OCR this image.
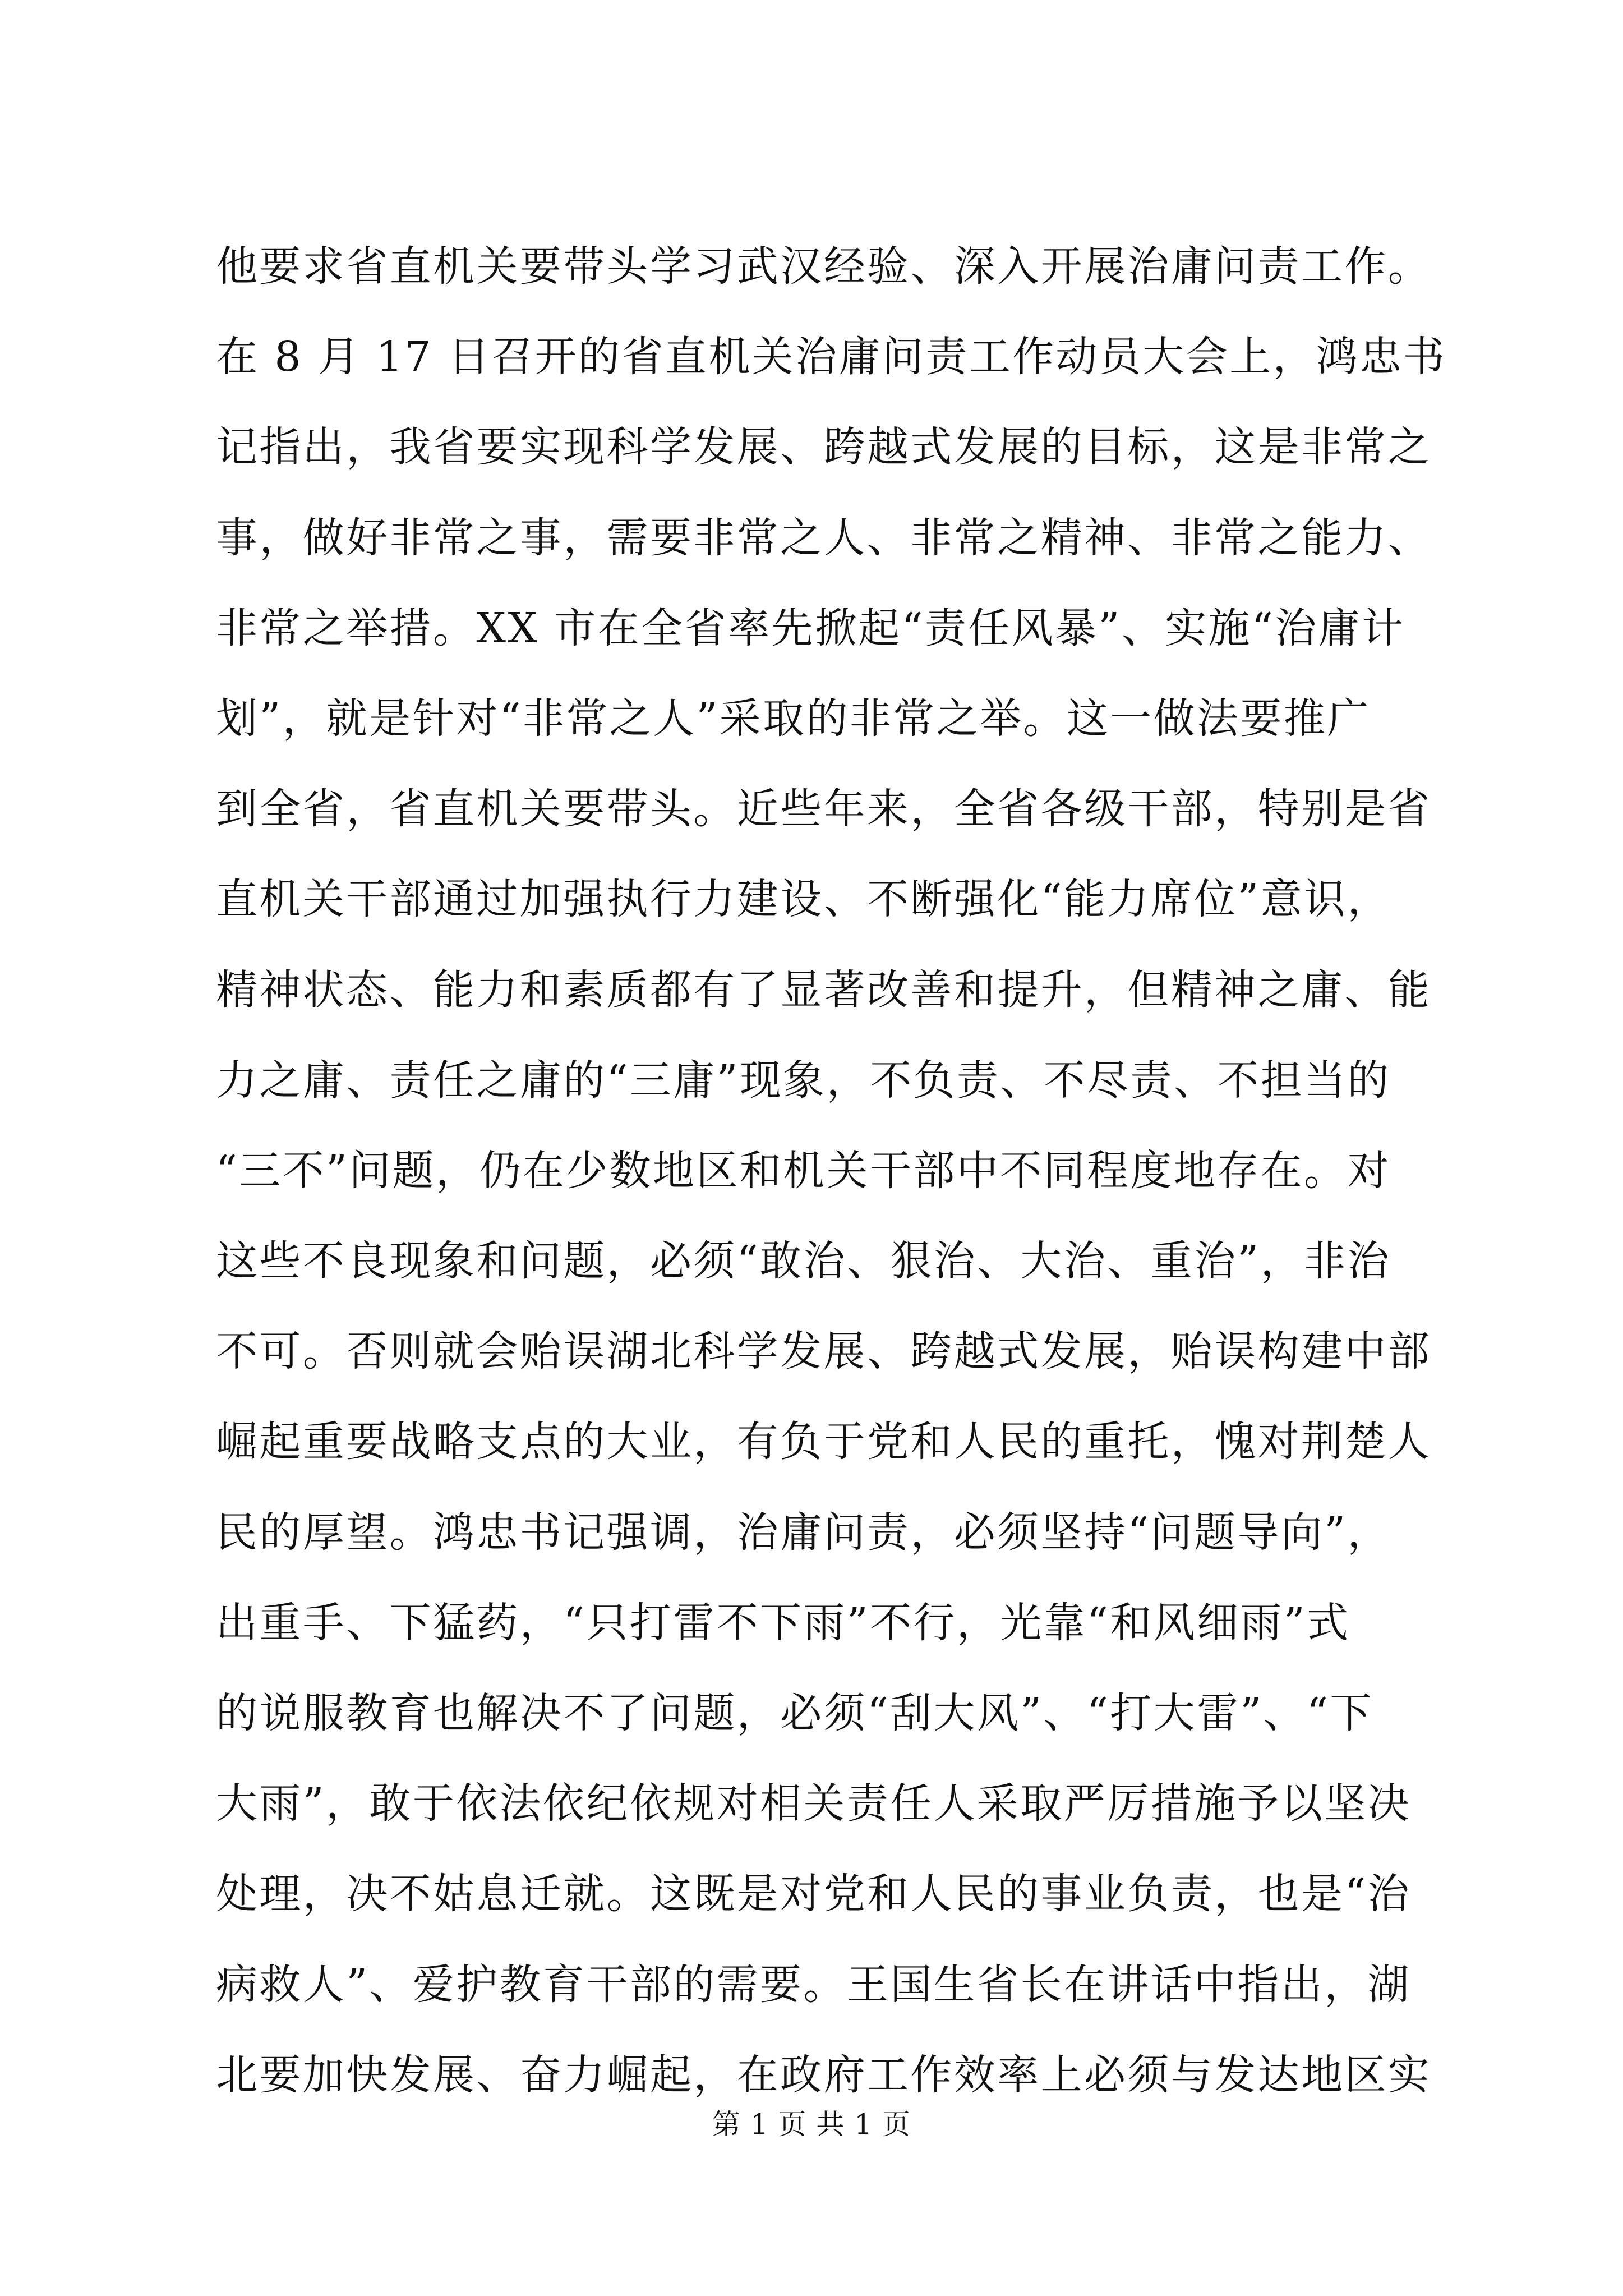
他要求省直机关要带头学习武汉经验、深入开展治庸问责工作。
在 8 月 17 日召开的省直机关治庸问责工作动员大会上，鸿忠书
记指出，我省要实现科学发展、跨越式发展的目标，这是非常之
事，做好非常之事，需要非常之人、非常之精神、非常之能力、
非常之举措。XX 市在全省率先掀起“责任风暴”、实施“治庸计
划”，就是针对“非常之人”采取的非常之举。这一做法要推广
到全省，省直机关要带头。近些年来，全省各级干部，特别是省
直机关干部通过加强执行力建设、不断强化“能力席位”意识，
精神状态、能力和素质都有了显著改善和提升，但精神之庸、能
力之庸、责任之庸的“三庸”现象，不负责、不尽责、不担当的
“三不”问题，仍在少数地区和机关干部中不同程度地存在。对
这些不良现象和问题，必须“敢治、狠治、大治、重治”，非治
不可。否则就会贻误湖北科学发展、跨越式发展，贻误构建中部
崛起重要战略支点的大业，有负于党和人民的重托，愧对荆楚人
民的厚望。鸿忠书记强调，治庸问责，必须坚持“问题导向”，
出重手、下猛药，“只打雷不下雨”不行，光靠“和风细雨”式
的说服教育也解决不了问题，必须“刮大风”、“打大雷”、“下
大雨”，敢于依法依纪依规对相关责任人采取严厉措施予以坚决
处理，决不姑息迁就。这既是对党和人民的事业负责，也是“治
病救人”、爱护教育干部的需要。王国生省长在讲话中指出，湖
北要加快发展、奋力崛起，在政府工作效率上必须与发达地区实
第 1 页 共 1 页
